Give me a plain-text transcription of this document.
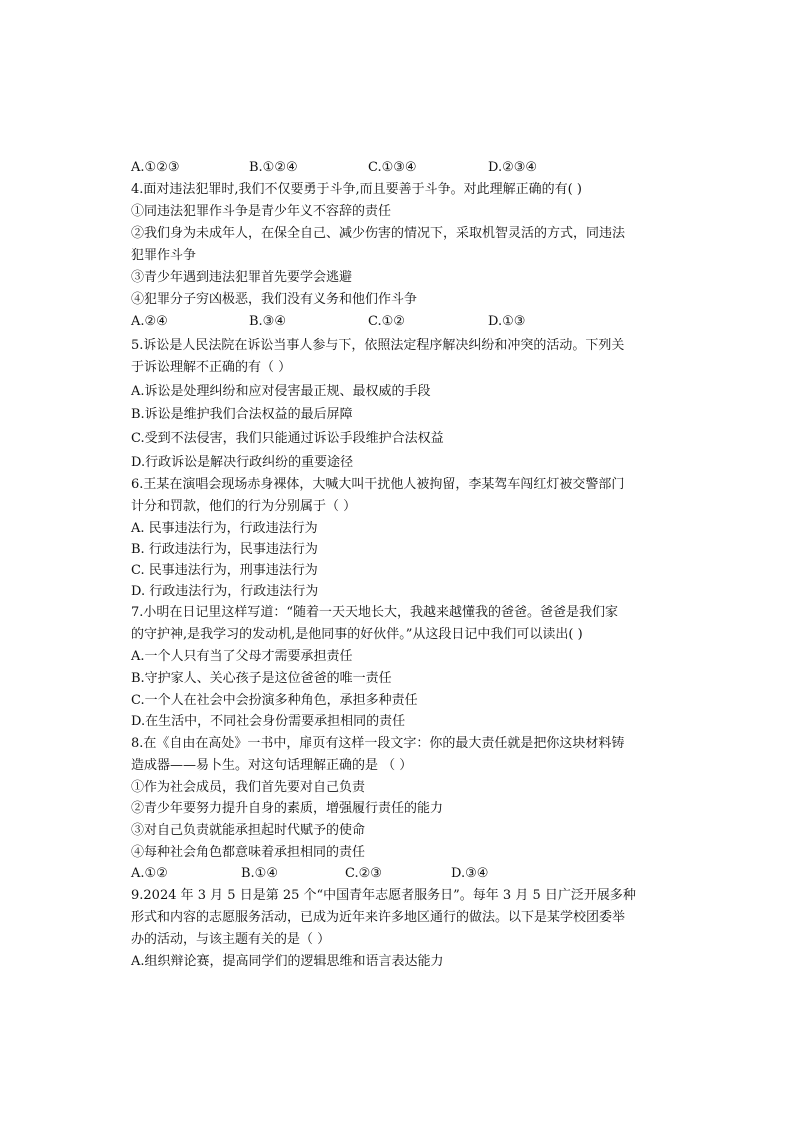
A.①②③	B.①②④	C.①③④	D.②③④
4.面对违法犯罪时,我们不仅要勇于斗争,而且要善于斗争。对此理解正确的有( )
①同违法犯罪作斗争是青少年义不容辞的责任
②我们身为未成年人，在保全自己、减少伤害的情况下，采取机智灵活的方式，同违法
犯罪作斗争
③青少年遇到违法犯罪首先要学会逃避
④犯罪分子穷凶极恶，我们没有义务和他们作斗争
A.②④	B.③④	C.①②	D.①③
5.诉讼是人民法院在诉讼当事人参与下，依照法定程序解决纠纷和冲突的活动。下列关
于诉讼理解不正确的有（ ）
A.诉讼是处理纠纷和应对侵害最正规、最权威的手段
B.诉讼是维护我们合法权益的最后屏障
C.受到不法侵害，我们只能通过诉讼手段维护合法权益
D.行政诉讼是解决行政纠纷的重要途径
6.王某在演唱会现场赤身裸体，大喊大叫干扰他人被拘留，李某驾车闯红灯被交警部门
计分和罚款，他们的行为分别属于（ ）
A. 民事违法行为，行政违法行为
B. 行政违法行为，民事违法行为
C. 民事违法行为，刑事违法行为
D. 行政违法行为，行政违法行为
7.小明在日记里这样写道：“随着一天天地长大，我越来越懂我的爸爸。爸爸是我们家
的守护神,是我学习的发动机,是他同事的好伙伴。”从这段日记中我们可以读出( )
A.一个人只有当了父母才需要承担责任
B.守护家人、关心孩子是这位爸爸的唯一责任
C.一个人在社会中会扮演多种角色，承担多种责任
D.在生活中，不同社会身份需要承担相同的责任
8.在《自由在高处》一书中，扉页有这样一段文字：你的最大责任就是把你这块材料铸
造成器——易卜生。对这句话理解正确的是 （ ）
①作为社会成员，我们首先要对自己负责
②青少年要努力提升自身的素质，增强履行责任的能力
③对自己负责就能承担起时代赋予的使命
④每种社会角色都意味着承担相同的责任
A.①②	B.①④	C.②③	D.③④
9.2024 年 3 月 5 日是第 25 个“中国青年志愿者服务日”。每年 3 月 5 日广泛开展多种
形式和内容的志愿服务活动，已成为近年来许多地区通行的做法。以下是某学校团委举
办的活动，与该主题有关的是（ ）
A.组织辩论赛，提高同学们的逻辑思维和语言表达能力
